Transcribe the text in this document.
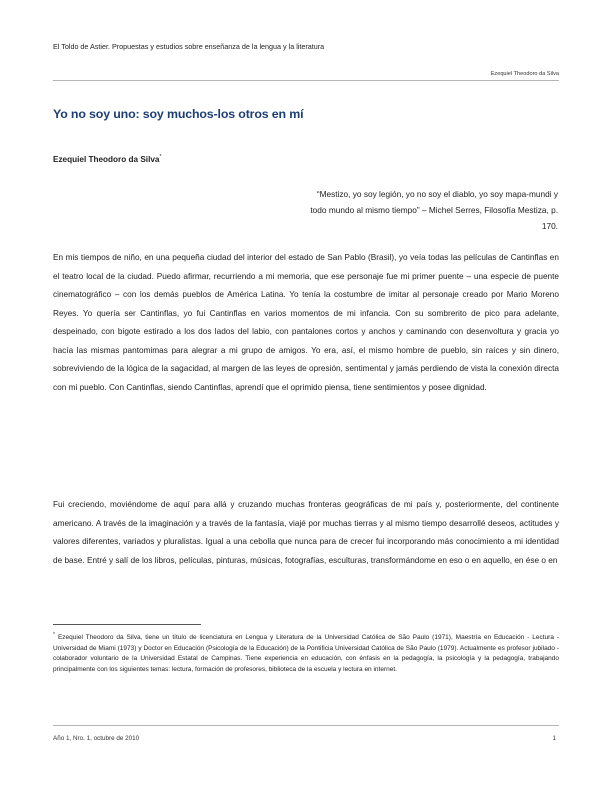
El Toldo de Astier. Propuestas y estudios sobre enseñanza de la lengua y la literatura
Ezequiel Theodoro da Silva
Yo no soy uno: soy muchos-los otros en mí
Ezequiel Theodoro da Silva*
“Mestizo, yo soy legión, yo no soy el diablo, yo soy mapa-mundi y todo mundo al mismo tiempo” – Michel Serres, Filosofía Mestiza, p. 170.
En mis tiempos de niño, en una pequeña ciudad del interior del estado de San Pablo (Brasil), yo veía todas las películas de Cantinflas en el teatro local de la ciudad. Puedo afirmar, recurriendo a mi memoria, que ese personaje fue mi primer puente – una especie de puente cinematográfico – con los demás pueblos de América Latina. Yo tenía la costumbre de imitar al personaje creado por Mario Moreno Reyes. Yo quería ser Cantinflas, yo fui Cantinflas en varios momentos de mi infancia. Con su sombrerito de pico para adelante, despeinado, con bigote estirado a los dos lados del labio, con pantalones cortos y anchos y caminando con desenvoltura y gracia yo hacía las mismas pantomimas para alegrar a mi grupo de amigos. Yo era, así, el mismo hombre de pueblo, sin raíces y sin dinero, sobreviviendo de la lógica de la sagacidad, al margen de las leyes de opresión, sentimental y jamás perdiendo de vista la conexión directa con mi pueblo. Con Cantinflas, siendo Cantinflas, aprendí que el oprimido piensa, tiene sentimientos y posee dignidad.
Fui creciendo, moviéndome de aquí para allá y cruzando muchas fronteras geográficas de mi país y, posteriormente, del continente americano. A través de la imaginación y a través de la fantasía, viajé por muchas tierras y al mismo tiempo desarrollé deseos, actitudes y valores diferentes, variados y pluralistas. Igual a una cebolla que nunca para de crecer fui incorporando más conocimiento a mi identidad de base. Entré y salí de los libros, películas, pinturas, músicas, fotografías, esculturas, transformándome en eso o en aquello, en ése o en
* Ezequiel Theodoro da Silva, tiene un título de licenciatura en Lengua y Literatura de la Universidad Católica de São Paulo (1971), Maestría en Educación - Lectura - Universidad de Miami (1973) y Doctor en Educación (Psicología de la Educación) de la Pontificia Universidad Católica de São Paulo (1979). Actualmente es profesor jubilado - colaborador voluntario de la Universidad Estatal de Campinas. Tiene experiencia en educación, con énfasis en la pedagogía, la psicología y la pedagogía, trabajando principalmente con los siguientes temas: lectura, formación de profesores, biblioteca de la escuela y lectura en internet.
Año 1, Nro. 1, octubre de 2010	1
